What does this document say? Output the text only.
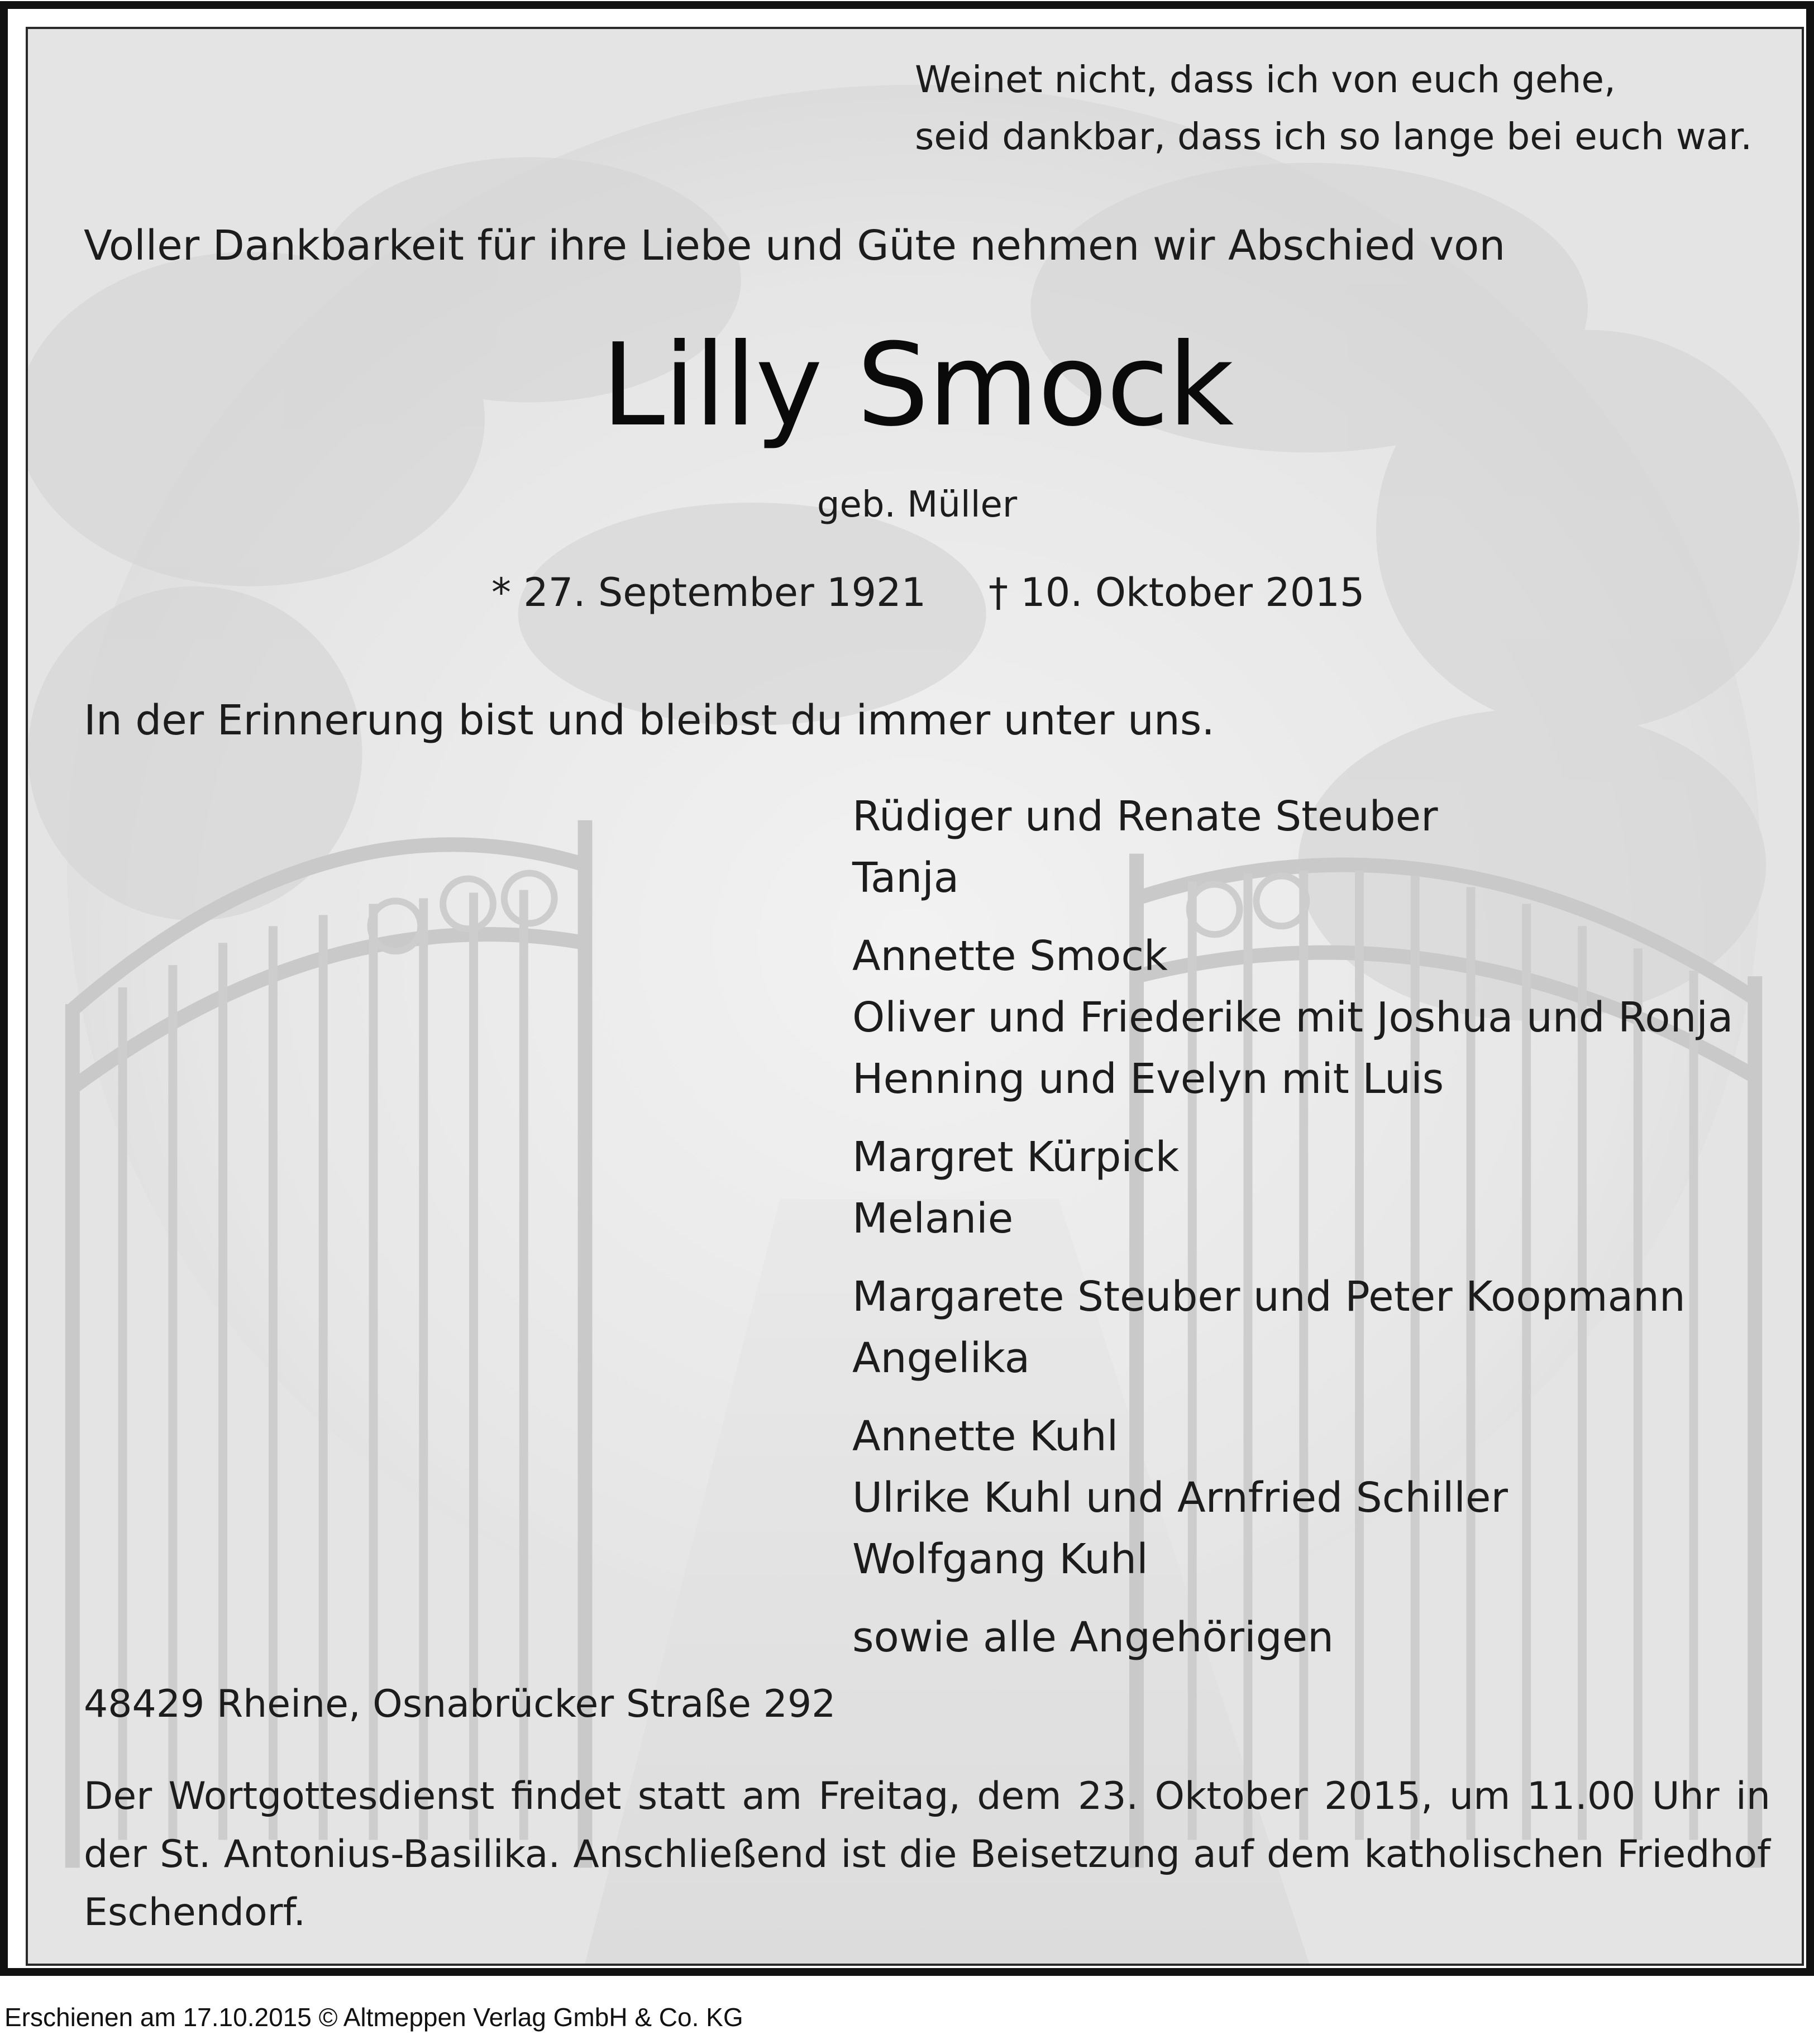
Weinet nicht, dass ich von euch gehe,
seid dankbar, dass ich so lange bei euch war.

Voller Dankbarkeit für ihre Liebe und Güte nehmen wir Abschied von

Lilly Smock

geb. Müller

* 27. September 1921 † 10. Oktober 2015

In der Erinnerung bist und bleibst du immer unter uns.

Rüdiger und Renate Steuber
Tanja
Annette Smock
Oliver und Friederike mit Joshua und Ronja
Henning und Evelyn mit Luis
Margret Kürpick
Melanie
Margarete Steuber und Peter Koopmann
Angelika
Annette Kuhl
Ulrike Kuhl und Arnfried Schiller
Wolfgang Kuhl
sowie alle Angehörigen

48429 Rheine, Osnabrücker Straße 292

Der Wortgottesdienst findet statt am Freitag, dem 23. Oktober 2015, um 11.00 Uhr in der St. Antonius-Basilika. Anschließend ist die Beisetzung auf dem katholischen Friedhof Eschendorf.

Erschienen am 17.10.2015 © Altmeppen Verlag GmbH & Co. KG
